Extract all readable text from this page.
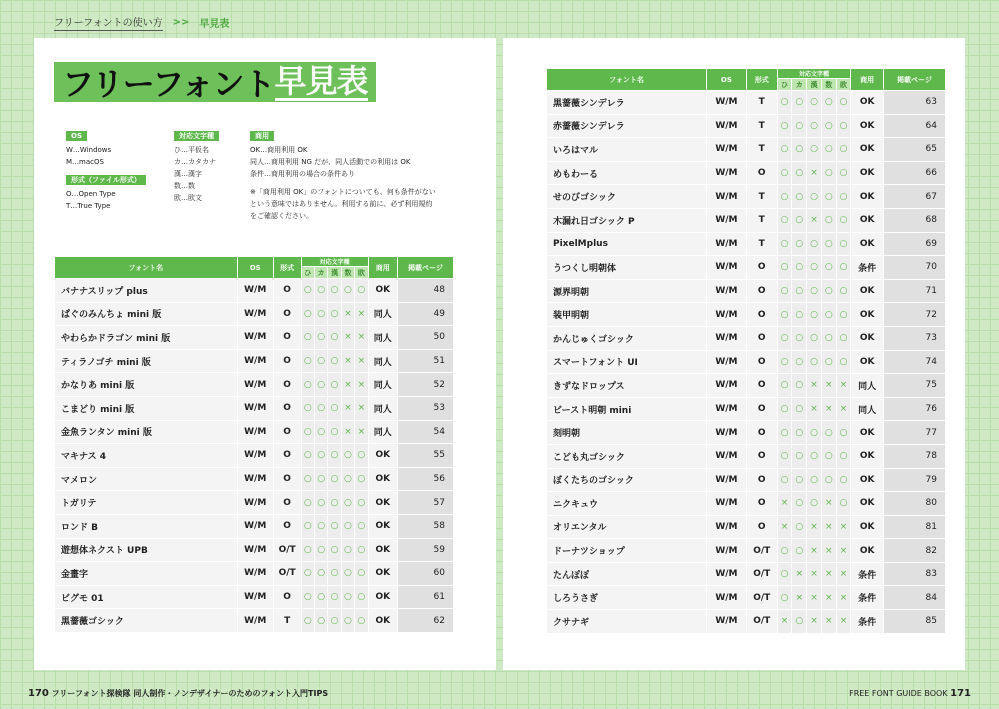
フリーフォントの使い方 >> 早見表
フリーフォント 早見表
OS
W…Windows
M…macOS
形式（ファイル形式）
O…Open Type
T…True Type
対応文字種
ひ…平仮名
カ…カタカナ
漢…漢字
数…数
欧…欧文
商用
OK…商用利用 OK
同人…商用利用 NG だが、同人活動での利用は OK
条件…商用利用の場合の条件あり
※「商用利用 OK」のフォントについても、何も条件がない
という意味ではありません。利用する前に、必ず利用規約
をご確認ください。
フォント名	OS	形式	対応文字種					商用	掲載ページ
			ひ	カ	漢	数	欧		
バナナスリップ plus	W/M	O	○	○	○	○	○	OK	48
ぱぐのみんちょ mini 版	W/M	O	○	○	○	×	×	同人	49
やわらかドラゴン mini 版	W/M	O	○	○	○	×	×	同人	50
ティラノゴチ mini 版	W/M	O	○	○	○	×	×	同人	51
かなりあ mini 版	W/M	O	○	○	○	×	×	同人	52
こまどり mini 版	W/M	O	○	○	○	×	×	同人	53
金魚ランタン mini 版	W/M	O	○	○	○	×	×	同人	54
マキナス 4	W/M	O	○	○	○	○	○	OK	55
マメロン	W/M	O	○	○	○	○	○	OK	56
トガリテ	W/M	O	○	○	○	○	○	OK	57
ロンド B	W/M	O	○	○	○	○	○	OK	58
遊想体ネクスト UPB	W/M	O/T	○	○	○	○	○	OK	59
金畫字	W/M	O/T	○	○	○	○	○	OK	60
ビグモ 01	W/M	O	○	○	○	○	○	OK	61
黒薔薇ゴシック	W/M	T	○	○	○	○	○	OK	62
フォント名	OS	形式	対応文字種					商用	掲載ページ
			ひ	カ	漢	数	欧		
黒薔薇シンデレラ	W/M	T	○	○	○	○	○	OK	63
赤薔薇シンデレラ	W/M	T	○	○	○	○	○	OK	64
いろはマル	W/M	T	○	○	○	○	○	OK	65
めもわーる	W/M	O	○	○	×	○	○	OK	66
せのびゴシック	W/M	T	○	○	○	○	○	OK	67
木漏れ日ゴシック P	W/M	T	○	○	×	○	○	OK	68
PixelMplus	W/M	T	○	○	○	○	○	OK	69
うつくし明朝体	W/M	O	○	○	○	○	○	条件	70
源界明朝	W/M	O	○	○	○	○	○	OK	71
装甲明朝	W/M	O	○	○	○	○	○	OK	72
かんじゅくゴシック	W/M	O	○	○	○	○	○	OK	73
スマートフォント UI	W/M	O	○	○	○	○	○	OK	74
きずなドロップス	W/M	O	○	○	×	×	×	同人	75
ビースト明朝 mini	W/M	O	○	○	×	×	×	同人	76
刻明朝	W/M	O	○	○	○	○	○	OK	77
こども丸ゴシック	W/M	O	○	○	○	○	○	OK	78
ぼくたちのゴシック	W/M	O	○	○	○	○	○	OK	79
ニクキュウ	W/M	O	×	○	○	×	○	OK	80
オリエンタル	W/M	O	×	○	×	×	×	OK	81
ドーナツショップ	W/M	O/T	○	○	×	×	×	OK	82
たんぽぽ	W/M	O/T	○	×	×	×	×	条件	83
しろうさぎ	W/M	O/T	○	×	×	×	×	条件	84
クサナギ	W/M	O/T	×	○	×	×	×	条件	85
170 フリーフォント探検隊 同人制作・ノンデザイナーのためのフォント入門TIPS	FREE FONT GUIDE BOOK 171
